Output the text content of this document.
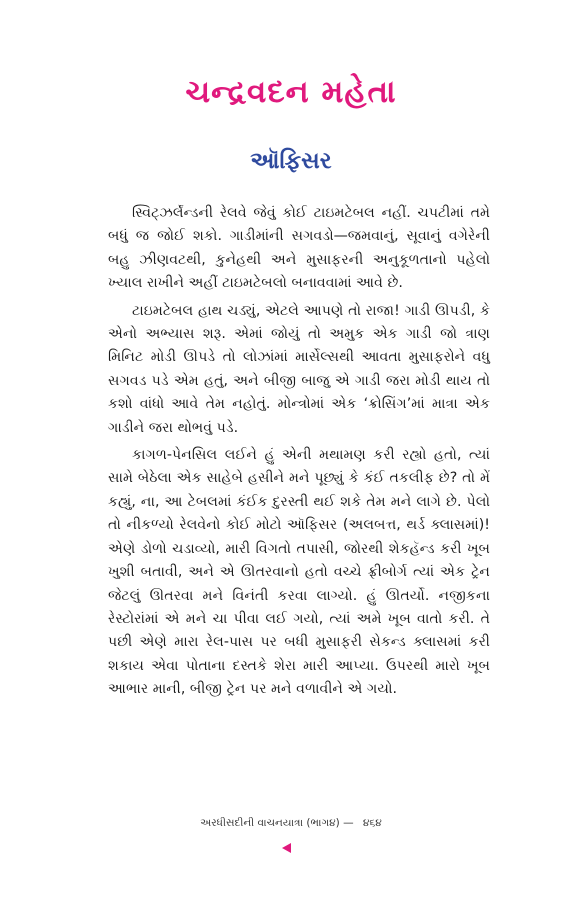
ચન્દ્રવદન મહેતા
ઑફિસર

સ્વિટ્ઝર્લૅન્ડની રેલવે જેવું કોઈ ટાઇમટેબલ નહીં. ચપટીમાં તમે બધું જ જોઈ શકો. ગાડીમાંની સગવડો—જમવાનું, સૂવાનું વગેરેની બહુ ઝીણવટથી, કુનેહથી અને મુસાફરની અનુકૂળતાનો પહેલો ખ્યાલ રાખીને અહીં ટાઇમટેબલો બનાવવામાં આવે છે.

ટાઇમટેબલ હાથ ચડ્યું, એટલે આપણે તો રાજા! ગાડી ઊપડી, કે એનો અભ્યાસ શરૂ. એમાં જોયું તો અમુક એક ગાડી જો ત્રાણ મિનિટ મોડી ઊપડે તો લોઝાંમાં માર્સેલ્સથી આવતા મુસાફરોને વધુ સગવડ પડે એમ હતું, અને બીજી બાજુ એ ગાડી જરા મોડી થાય તો કશો વાંધો આવે તેમ નહોતું. મોન્ત્રોમાં એક ‘ક્રોસિંગ’માં માત્રા એક ગાડીને જરા થોભવું પડે.

કાગળ-પેનસિલ લઈને હું એની મથામણ કરી રહ્યો હતો, ત્યાં સામે બેઠેલા એક સાહેબે હસીને મને પૂછ્યું કે કંઈ તકલીફ છે? તો મેં કહ્યું, ના, આ ટેબલમાં કંઈક દુરસ્તી થઈ શકે તેમ મને લાગે છે. પેલો તો નીકળ્યો રેલવેનો કોઈ મોટો ઑફિસર (અલબત્ત, થર્ડ ક્લાસમાં)! એણે ડોળો ચડાવ્યો, મારી વિગતો તપાસી, જોરથી શેકહૅન્ડ કરી ખૂબ ખુશી બતાવી, અને એ ઊતરવાનો હતો વચ્ચે ફ્રીબોર્ગ ત્યાં એક ટ્રેન જેટલું ઊતરવા મને વિનંતી કરવા લાગ્યો. હું ઊતર્યો. નજીકના રેસ્ટોરાંમાં એ મને ચા પીવા લઈ ગયો, ત્યાં અમે ખૂબ વાતો કરી. તે પછી એણે મારા રેલ-પાસ પર બધી મુસાફરી સેકન્ડ ક્લાસમાં કરી શકાય એવા પોતાના દસ્તકે શેરા મારી આપ્યા. ઉપરથી મારો ખૂબ આભાર માની, બીજી ટ્રેન પર મને વળાવીને એ ગયો.

અરધીસદીની વાચનયાત્રા (ભાગ૪) — ૪૬૪
